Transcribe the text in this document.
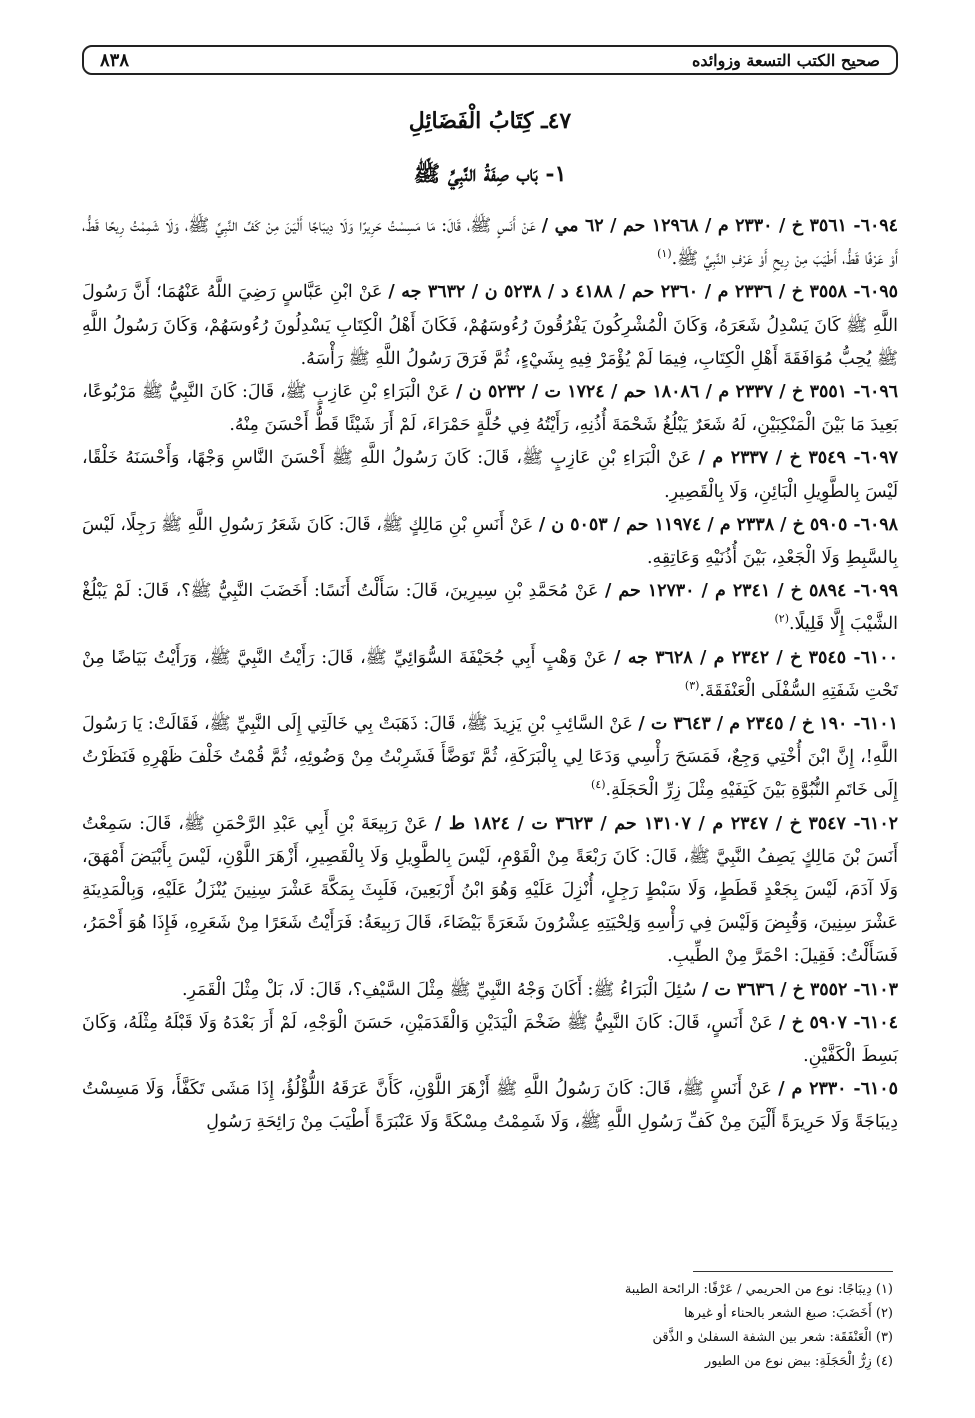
صحيح الكتب التسعة وزوائده
٨٣٨
٤٧ـ كِتَابُ الْفَضَائِلِ
١- بَاب صِفَةُ النَّبِيِّ ﷺ

٦٠٩٤- ٣٥٦١ خ / ٢٣٣٠ م / ١٢٩٦٨ حم / ٦٢ مي / عَنْ أَنَسٍ ﷺ، قَالَ: مَا مَسِسْتُ حَرِيرًا وَلَا دِيبَاجًا أَلْيَنَ مِنْ كَفِّ النَّبِيِّ ﷺ، وَلَا شَمِمْتُ رِيحًا قَطُّ، أَوْ عَرْفًا قَطُّ، أَطْيَبَ مِنْ رِيحِ أَوْ عَرْفِ النَّبِيِّ ﷺ.$^{(١)}$

٦٠٩٥- ٣٥٥٨ خ / ٢٣٣٦ م / ٢٣٦٠ حم / ٤١٨٨ د / ٥٢٣٨ ن / ٣٦٣٢ جه / عَنْ ابْنِ عَبَّاسٍ رَضِيَ اللَّهُ عَنْهُمَا؛ أَنَّ رَسُولَ اللَّهِ ﷺ كَانَ يَسْدِلُ شَعَرَهُ، وَكَانَ الْمُشْرِكُونَ يَفْرُقُونَ رُءُوسَهُمْ، فَكَانَ أَهْلُ الْكِتَابِ يَسْدِلُونَ رُءُوسَهُمْ، وَكَانَ رَسُولُ اللَّهِ ﷺ يُحِبُّ مُوَافَقَةَ أَهْلِ الْكِتَابِ، فِيمَا لَمْ يُؤْمَرْ فِيهِ بِشَيْءٍ، ثُمَّ فَرَقَ رَسُولُ اللَّهِ ﷺ رَأْسَهُ.

٦٠٩٦- ٣٥٥١ خ / ٢٣٣٧ م / ١٨٠٨٦ حم / ١٧٢٤ ت / ٥٢٣٢ ن / عَنْ الْبَرَاءِ بْنِ عَازِبٍ ﷺ، قَالَ: كَانَ النَّبِيُّ ﷺ مَرْبُوعًا، بَعِيدَ مَا بَيْنَ الْمَنْكِبَيْنِ، لَهُ شَعَرٌ يَبْلُغُ شَحْمَةَ أُذُنِهِ، رَأَيْتُهُ فِي حُلَّةٍ حَمْرَاءَ، لَمْ أَرَ شَيْئًا قَطُّ أَحْسَنَ مِنْهُ.

٦٠٩٧- ٣٥٤٩ خ / ٢٣٣٧ م / عَنْ الْبَرَاءِ بْنِ عَازِبٍ ﷺ، قَالَ: كَانَ رَسُولُ اللَّهِ ﷺ أَحْسَنَ النَّاسِ وَجْهًا، وَأَحْسَنَهُ خَلْقًا، لَيْسَ بِالطَّوِيلِ الْبَائِنِ، وَلَا بِالْقَصِيرِ.

٦٠٩٨- ٥٩٠٥ خ / ٢٣٣٨ م / ١١٩٧٤ حم / ٥٠٥٣ ن / عَنْ أَنَسِ بْنِ مَالِكٍ ﷺ، قَالَ: كَانَ شَعَرُ رَسُولِ اللَّهِ ﷺ رَجِلًا، لَيْسَ بِالسَّبِطِ وَلَا الْجَعْدِ، بَيْنَ أُذُنَيْهِ وَعَاتِقِهِ.

٦٠٩٩- ٥٨٩٤ خ / ٢٣٤١ م / ١٢٧٣٠ حم / عَنْ مُحَمَّدِ بْنِ سِيرِينَ، قَالَ: سَأَلْتُ أَنَسًا: أَخَضَبَ النَّبِيُّ ﷺ؟، قَالَ: لَمْ يَبْلُغْ الشَّيْبَ إِلَّا قَلِيلًا.$^{(٢)}$

٦١٠٠- ٣٥٤٥ خ / ٢٣٤٢ م / ٣٦٢٨ جه / عَنْ وَهْبٍ أَبِي جُحَيْفَةَ السُّوَائِيِّ ﷺ، قَالَ: رَأَيْتُ النَّبِيَّ ﷺ، وَرَأَيْتُ بَيَاضًا مِنْ تَحْتِ شَفَتِهِ السُّفْلَى الْعَنْفَقَةَ.$^{(٣)}$

٦١٠١- ١٩٠ خ / ٢٣٤٥ م / ٣٦٤٣ ت / عَنْ السَّائِبِ بْنِ يَزِيدَ ﷺ، قَالَ: ذَهَبَتْ بِي خَالَتِي إِلَى النَّبِيِّ ﷺ، فَقَالَتْ: يَا رَسُولَ اللَّهِ!، إِنَّ ابْنَ أُخْتِي وَجِعٌ، فَمَسَحَ رَأْسِي وَدَعَا لِي بِالْبَرَكَةِ، ثُمَّ تَوَضَّأَ فَشَرِبْتُ مِنْ وَضُوئِهِ، ثُمَّ قُمْتُ خَلْفَ ظَهْرِهِ فَنَظَرْتُ إِلَى خَاتَمِ النُّبُوَّةِ بَيْنَ كَتِفَيْهِ مِثْلَ زِرِّ الْحَجَلَةِ.$^{(٤)}$

٦١٠٢- ٣٥٤٧ خ / ٢٣٤٧ م / ١٣١٠٧ حم / ٣٦٢٣ ت / ١٨٢٤ ط / عَنْ رَبِيعَةَ بْنِ أَبِي عَبْدِ الرَّحْمَنِ ﷺ، قَالَ: سَمِعْتُ أَنَسَ بْنَ مَالِكٍ يَصِفُ النَّبِيَّ ﷺ، قَالَ: كَانَ رَبْعَةً مِنْ الْقَوْمِ، لَيْسَ بِالطَّوِيلِ وَلَا بِالْقَصِيرِ، أَزْهَرَ اللَّوْنِ، لَيْسَ بِأَبْيَضَ أَمْهَقَ، وَلَا آدَمَ، لَيْسَ بِجَعْدٍ قَطَطٍ، وَلَا سَبْطٍ رَجِلٍ، أُنْزِلَ عَلَيْهِ وَهُوَ ابْنُ أَرْبَعِينَ، فَلَبِثَ بِمَكَّةَ عَشْرَ سِنِينَ يُنْزَلُ عَلَيْهِ، وَبِالْمَدِينَةِ عَشْرَ سِنِينَ، وَقُبِضَ وَلَيْسَ فِي رَأْسِهِ وَلِحْيَتِهِ عِشْرُونَ شَعَرَةً بَيْضَاءَ، قَالَ رَبِيعَةُ: فَرَأَيْتُ شَعَرًا مِنْ شَعَرِهِ، فَإِذَا هُوَ أَحْمَرُ، فَسَأَلْتُ: فَقِيلَ: احْمَرَّ مِنْ الطِّيبِ.

٦١٠٣- ٣٥٥٢ خ / ٣٦٣٦ ت / سُئِلَ الْبَرَاءُ ﷺ: أَكَانَ وَجْهُ النَّبِيِّ ﷺ مِثْلَ السَّيْفِ؟، قَالَ: لَا، بَلْ مِثْلَ الْقَمَرِ.

٦١٠٤- ٥٩٠٧ خ / عَنْ أَنَسٍ، قَالَ: كَانَ النَّبِيُّ ﷺ ضَخْمَ الْيَدَيْنِ وَالْقَدَمَيْنِ، حَسَنَ الْوَجْهِ، لَمْ أَرَ بَعْدَهُ وَلَا قَبْلَهُ مِثْلَهُ، وَكَانَ بَسِطَ الْكَفَّيْنِ.

٦١٠٥- ٢٣٣٠ م / عَنْ أَنَسٍ ﷺ، قَالَ: كَانَ رَسُولُ اللَّهِ ﷺ أَزْهَرَ اللَّوْنِ، كَأَنَّ عَرَقَهُ اللُّؤْلُؤُ، إِذَا مَشَى تَكَفَّأَ، وَلَا مَسِسْتُ دِيبَاجَةً وَلَا حَرِيرَةً أَلْيَنَ مِنْ كَفِّ رَسُولِ اللَّهِ ﷺ، وَلَا شَمِمْتُ مِسْكَةً وَلَا عَنْبَرَةً أَطْيَبَ مِنْ رَائِحَةِ رَسُولِ

(١) دِيبَاجًا: نوع من الحريمي / عَرْفًا: الرائحة الطيبة

(٢) أَخَضَبَ: صبغ الشعر بالحناء أو غيرها

(٣) الْعَنْفَقَة: شعر بين الشفة السفلىٰ و الذَّقن

(٤) زِرُّ الْحَجَلَةِ: بيض نوع من الطيور
